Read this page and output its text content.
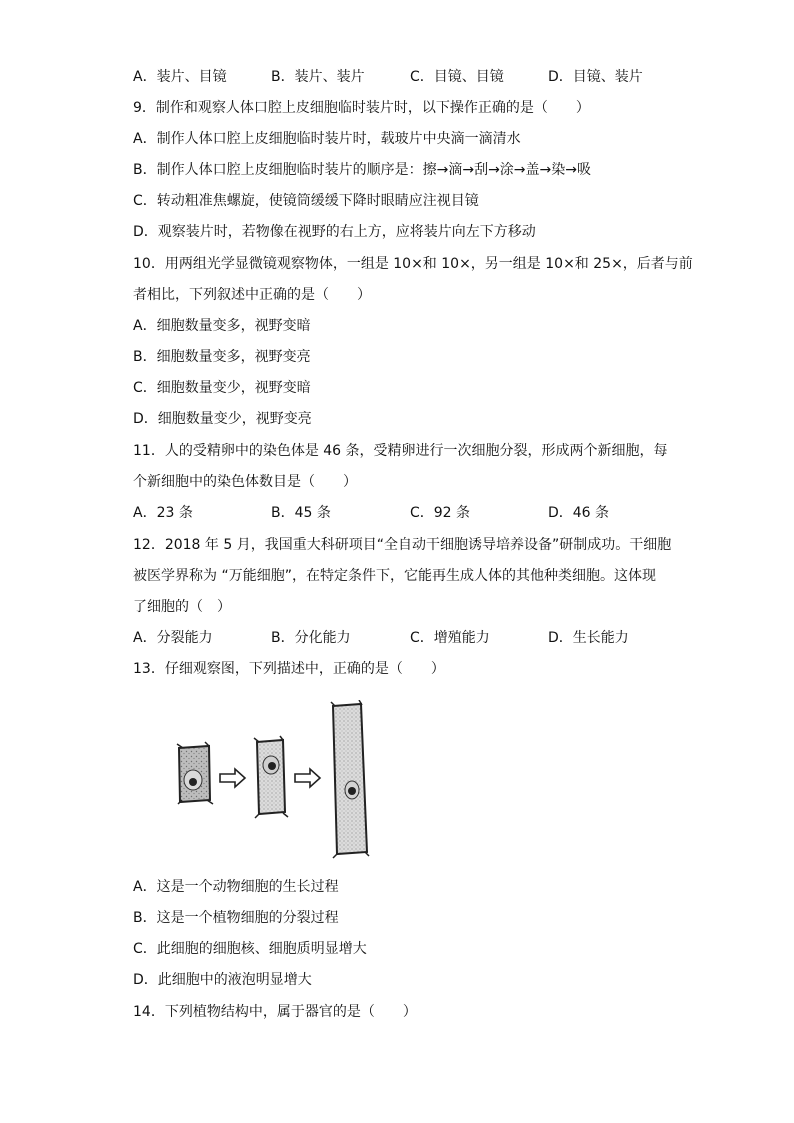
A．装片、目镜	B．装片、装片	C．目镜、目镜	D．目镜、装片
9．制作和观察人体口腔上皮细胞临时装片时，以下操作正确的是（　　）
A．制作人体口腔上皮细胞临时装片时，载玻片中央滴一滴清水
B．制作人体口腔上皮细胞临时装片的顺序是：擦→滴→刮→涂→盖→染→吸
C．转动粗准焦螺旋，使镜筒缓缓下降时眼睛应注视目镜
D．观察装片时，若物像在视野的右上方，应将装片向左下方移动
10．用两组光学显微镜观察物体，一组是 10×和 10×，另一组是 10×和 25×，后者与前
者相比，下列叙述中正确的是（　　）
A．细胞数量变多，视野变暗
B．细胞数量变多，视野变亮
C．细胞数量变少，视野变暗
D．细胞数量变少，视野变亮
11．人的受精卵中的染色体是 46 条，受精卵进行一次细胞分裂，形成两个新细胞，每
个新细胞中的染色体数目是（　　）
A．23 条	B．45 条	C．92 条	D．46 条
12．2018 年 5 月，我国重大科研项目“全自动干细胞诱导培养设备”研制成功。干细胞
被医学界称为 “万能细胞”，在特定条件下，它能再生成人体的其他种类细胞。这体现
了细胞的（　）
A．分裂能力	B．分化能力	C．增殖能力	D．生长能力
13．仔细观察图，下列描述中，正确的是（　　）
A．这是一个动物细胞的生长过程
B．这是一个植物细胞的分裂过程
C．此细胞的细胞核、细胞质明显增大
D．此细胞中的液泡明显增大
14．下列植物结构中，属于器官的是（　　）
